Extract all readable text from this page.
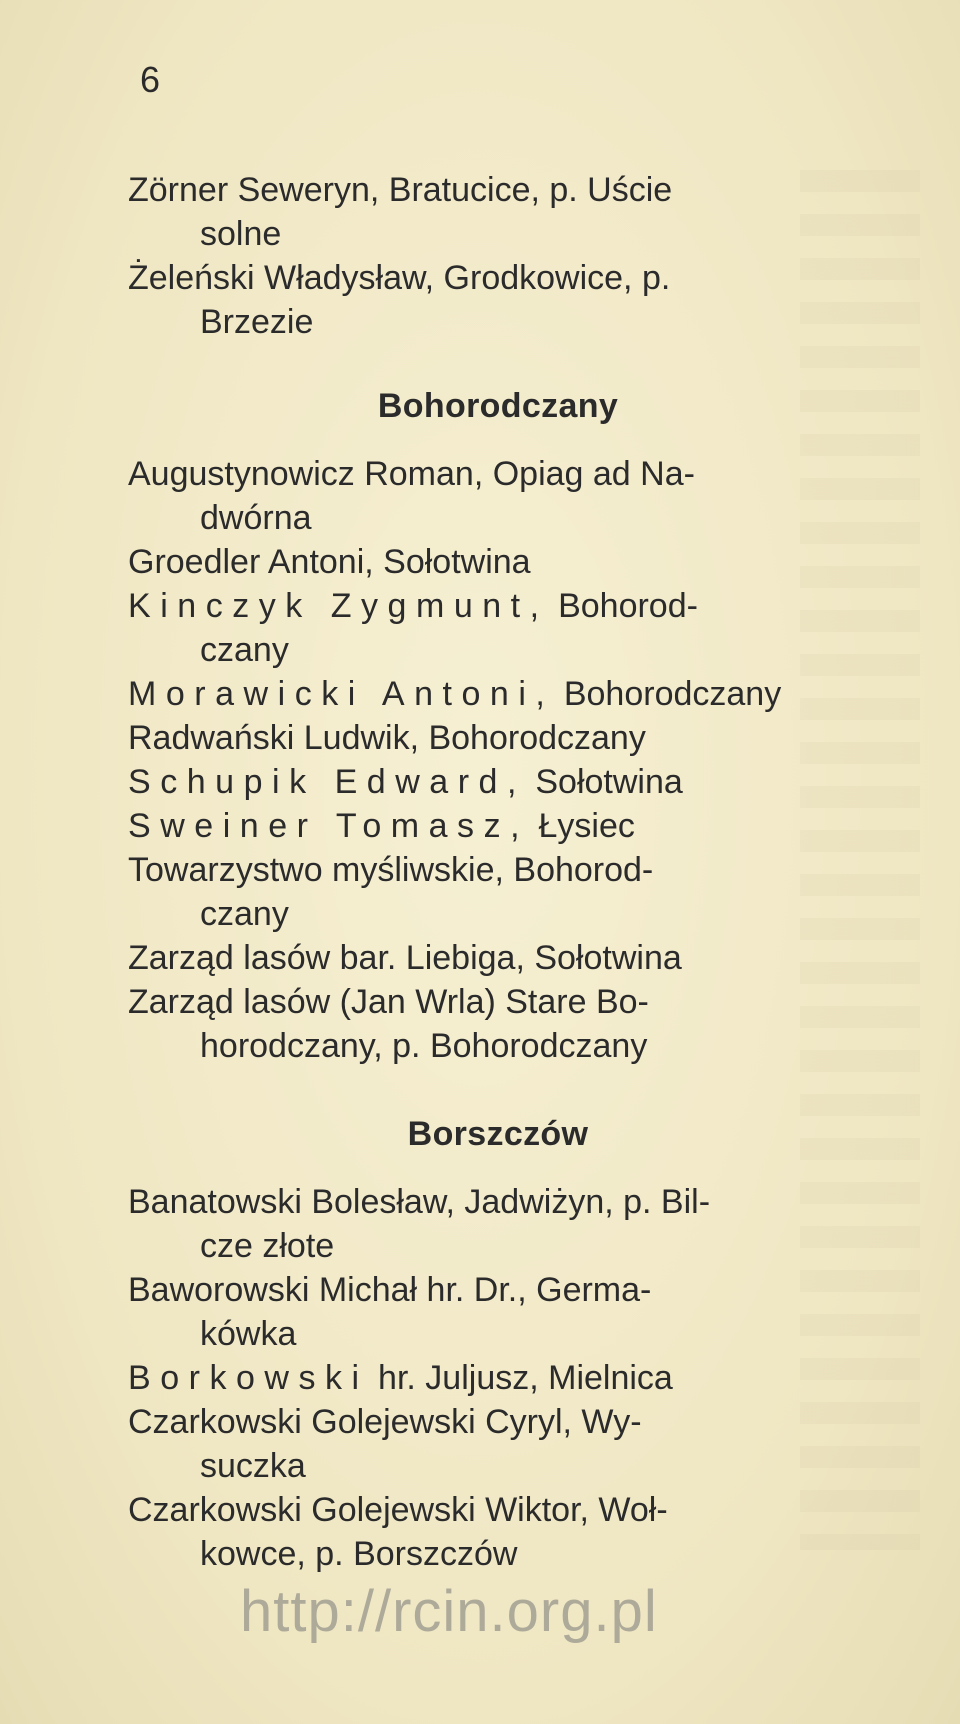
6
Zörner Seweryn, Bratucice, p. Uście
solne
Żeleński Władysław, Grodkowice, p.
Brzezie
Bohorodczany
Augustynowicz Roman, Opiag ad Na-
dwórna
Groedler Antoni, Sołotwina
Kinczyk Zygmunt, Bohorod-
czany
Morawicki Antoni, Bohorodczany
Radwański Ludwik, Bohorodczany
Schupik Edward, Sołotwina
Sweiner Tomasz, Łysiec
Towarzystwo myśliwskie, Bohorod-
czany
Zarząd lasów bar. Liebiga, Sołotwina
Zarząd lasów (Jan Wrla) Stare Bo-
horodczany, p. Bohorodczany
Borszczów
Banatowski Bolesław, Jadwiżyn, p. Bil-
cze złote
Baworowski Michał hr. Dr., Germa-
kówka
Borkowski hr. Juljusz, Mielnica
Czarkowski Golejewski Cyryl, Wy-
suczka
Czarkowski Golejewski Wiktor, Woł-
kowce, p. Borszczów
http://rcin.org.pl
